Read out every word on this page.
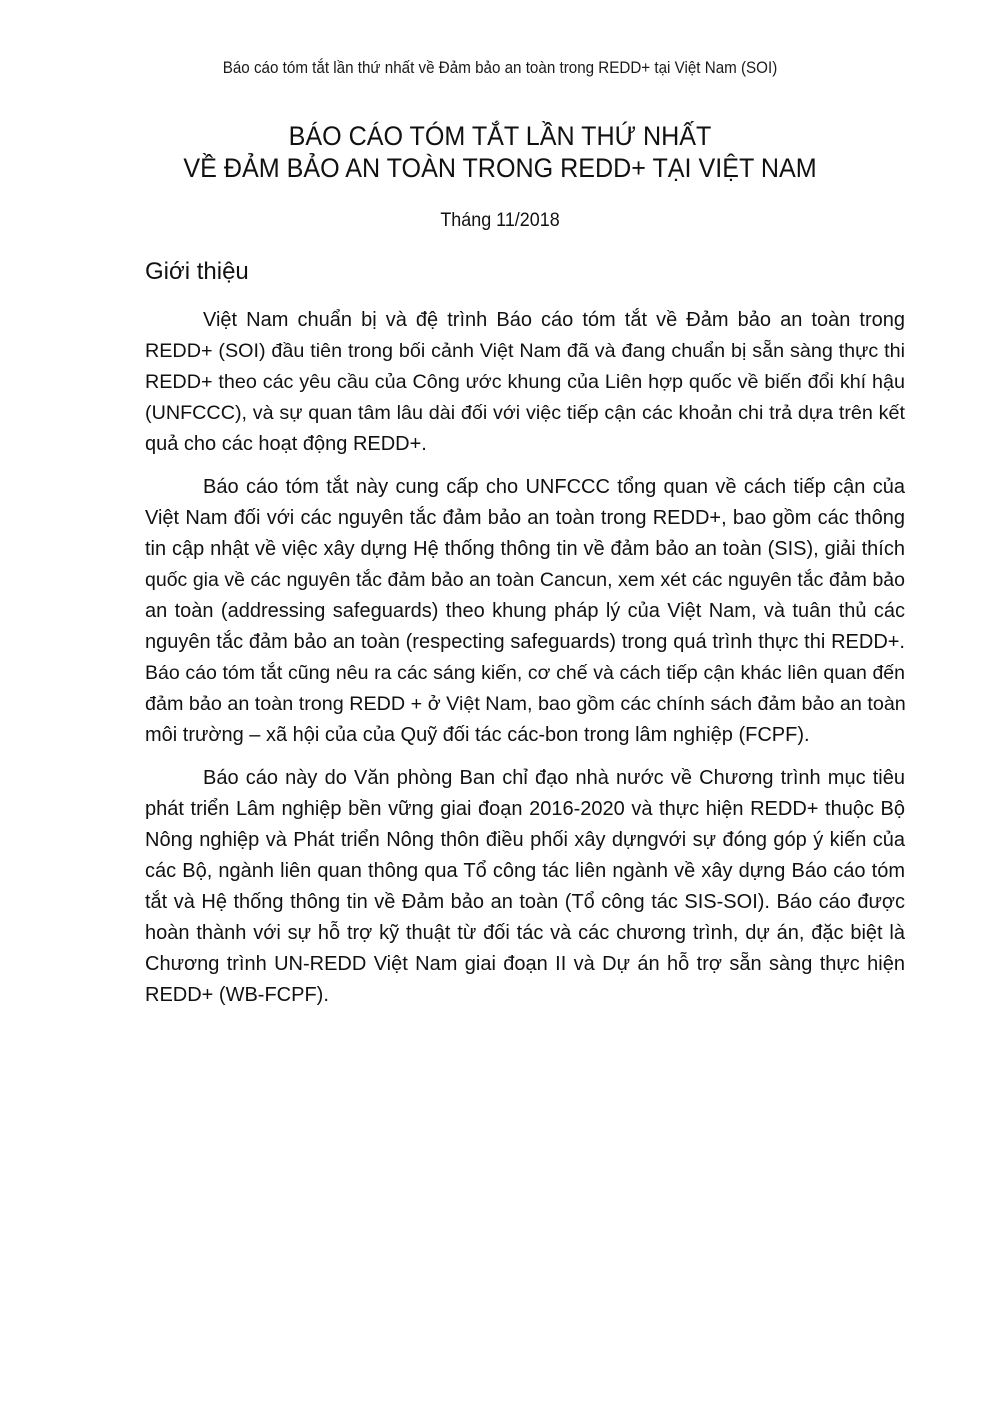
Báo cáo tóm tắt lần thứ nhất về Đảm bảo an toàn trong REDD+ tại Việt Nam (SOI)
BÁO CÁO TÓM TẮT LẦN THỨ NHẤT
VỀ ĐẢM BẢO AN TOÀN TRONG REDD+ TẠI VIỆT NAM
Tháng 11/2018
Giới thiệu
Việt Nam chuẩn bị và đệ trình Báo cáo tóm tắt về Đảm bảo an toàn trong
REDD+ (SOI) đầu tiên trong bối cảnh Việt Nam đã và đang chuẩn bị sẵn sàng thực thi
REDD+ theo các yêu cầu của Công ước khung của Liên hợp quốc về biến đổi khí hậu
(UNFCCC), và sự quan tâm lâu dài đối với việc tiếp cận các khoản chi trả dựa trên kết
quả cho các hoạt động REDD+.
Báo cáo tóm tắt này cung cấp cho UNFCCC tổng quan về cách tiếp cận của
Việt Nam đối với các nguyên tắc đảm bảo an toàn trong REDD+, bao gồm các thông
tin cập nhật về việc xây dựng Hệ thống thông tin về đảm bảo an toàn (SIS), giải thích
quốc gia về các nguyên tắc đảm bảo an toàn Cancun, xem xét các nguyên tắc đảm bảo
an toàn (addressing safeguards) theo khung pháp lý của Việt Nam, và tuân thủ các
nguyên tắc đảm bảo an toàn (respecting safeguards) trong quá trình thực thi REDD+.
Báo cáo tóm tắt cũng nêu ra các sáng kiến, cơ chế và cách tiếp cận khác liên quan đến
đảm bảo an toàn trong REDD + ở Việt Nam, bao gồm các chính sách đảm bảo an toàn
môi trường – xã hội của của Quỹ đối tác các-bon trong lâm nghiệp (FCPF).
Báo cáo này do Văn phòng Ban chỉ đạo nhà nước về Chương trình mục tiêu
phát triển Lâm nghiệp bền vững giai đoạn 2016-2020 và thực hiện REDD+ thuộc Bộ
Nông nghiệp và Phát triển Nông thôn điều phối xây dựngvới sự đóng góp ý kiến của
các Bộ, ngành liên quan thông qua Tổ công tác liên ngành về xây dựng Báo cáo tóm
tắt và Hệ thống thông tin về Đảm bảo an toàn (Tổ công tác SIS-SOI). Báo cáo được
hoàn thành với sự hỗ trợ kỹ thuật từ đối tác và các chương trình, dự án, đặc biệt là
Chương trình UN-REDD Việt Nam giai đoạn II và Dự án hỗ trợ sẵn sàng thực hiện
REDD+ (WB-FCPF).
